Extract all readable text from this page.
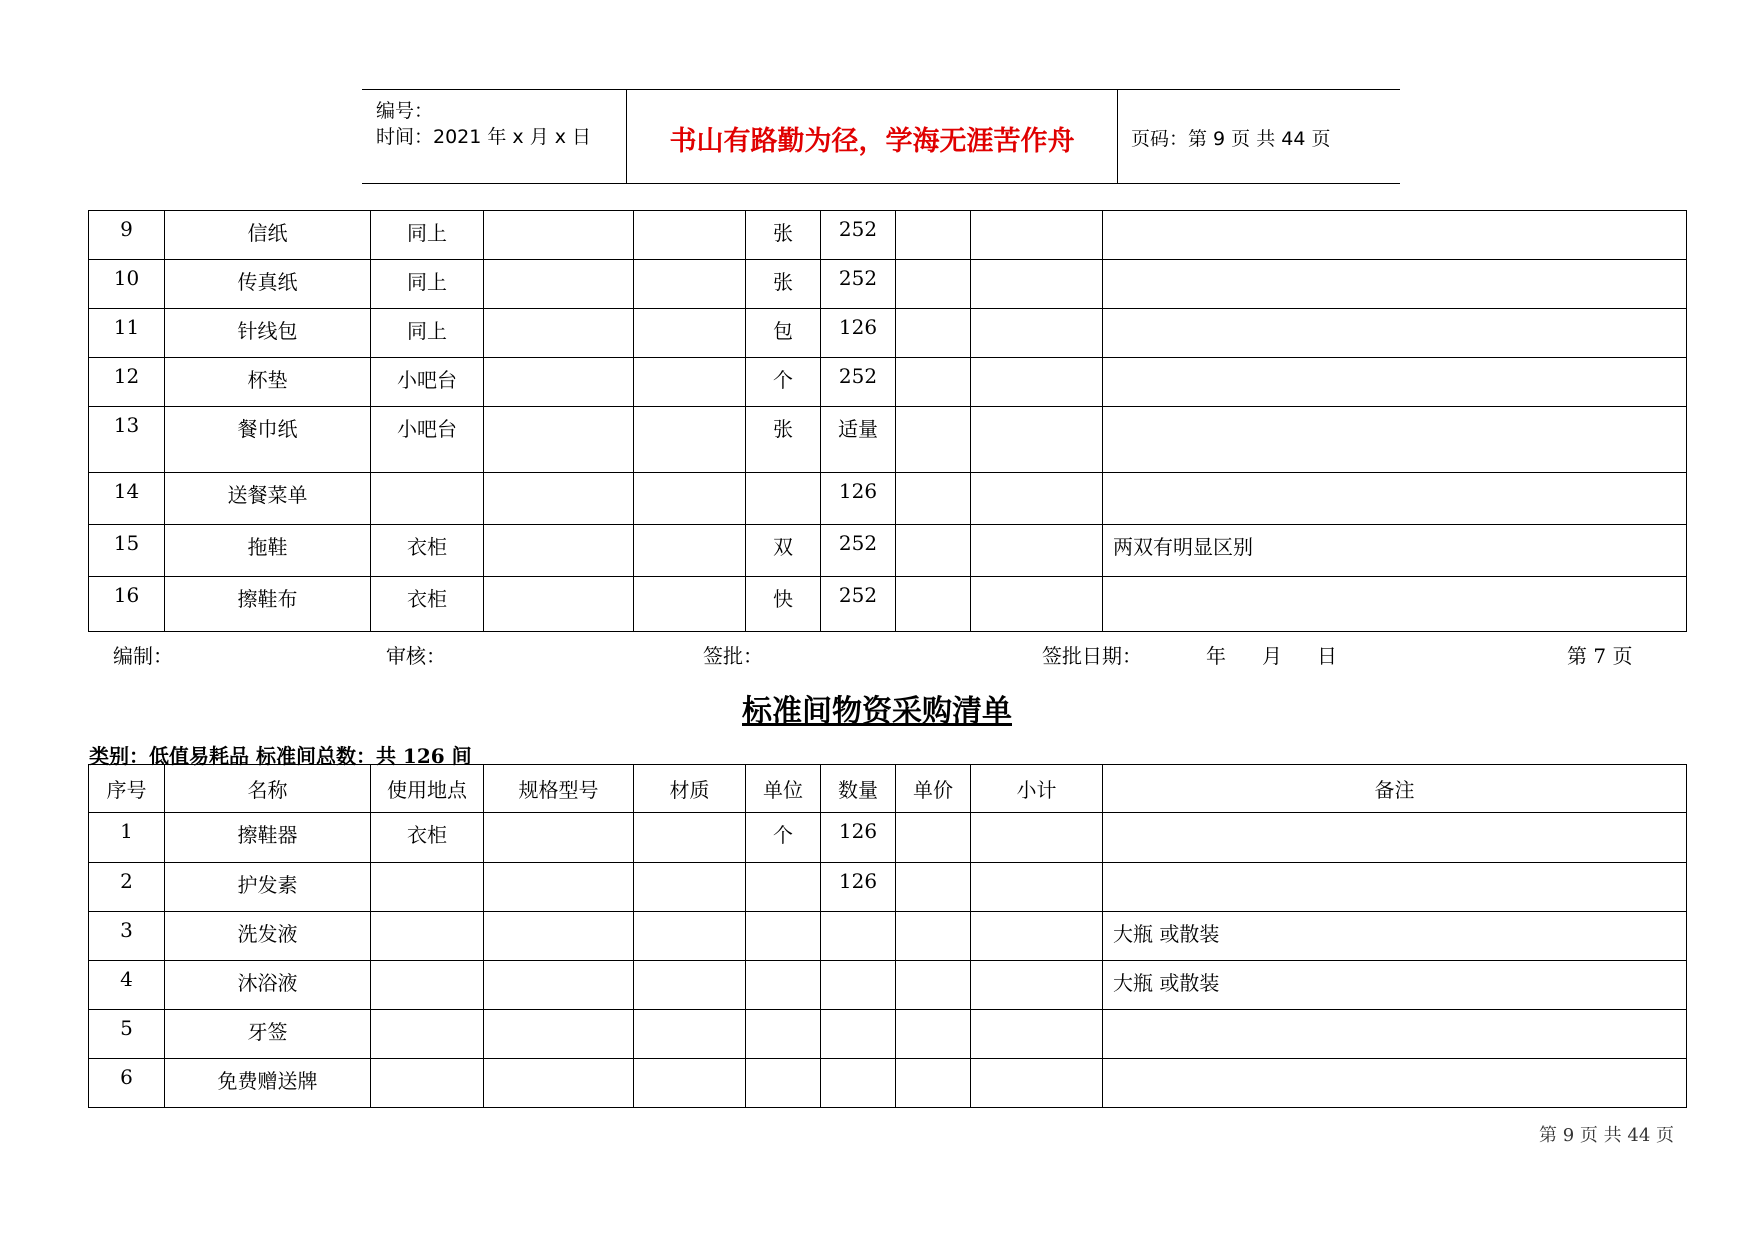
编号：
时间：2021 年 x 月 x 日	书山有路勤为径，学海无涯苦作舟	页码：第 9 页 共 44 页
9	信纸	同上			张	252			
10	传真纸	同上			张	252			
11	针线包	同上			包	126			
12	杯垫	小吧台			个	252			
13	餐巾纸	小吧台			张	适量			
14	送餐菜单					126			
15	拖鞋	衣柜			双	252			两双有明显区别
16	擦鞋布	衣柜			快	252			
编制：	审核：	签批：	签批日期：	年 月 日	第 7 页
标准间物资采购清单
类别：低值易耗品 标准间总数：共 126 间
序号	名称	使用地点	规格型号	材质	单位	数量	单价	小计	备注
1	擦鞋器	衣柜			个	126			
2	护发素					126			
3	洗发液								大瓶 或散装
4	沐浴液								大瓶 或散装
5	牙签								
6	免费赠送牌								
第 9 页 共 44 页
